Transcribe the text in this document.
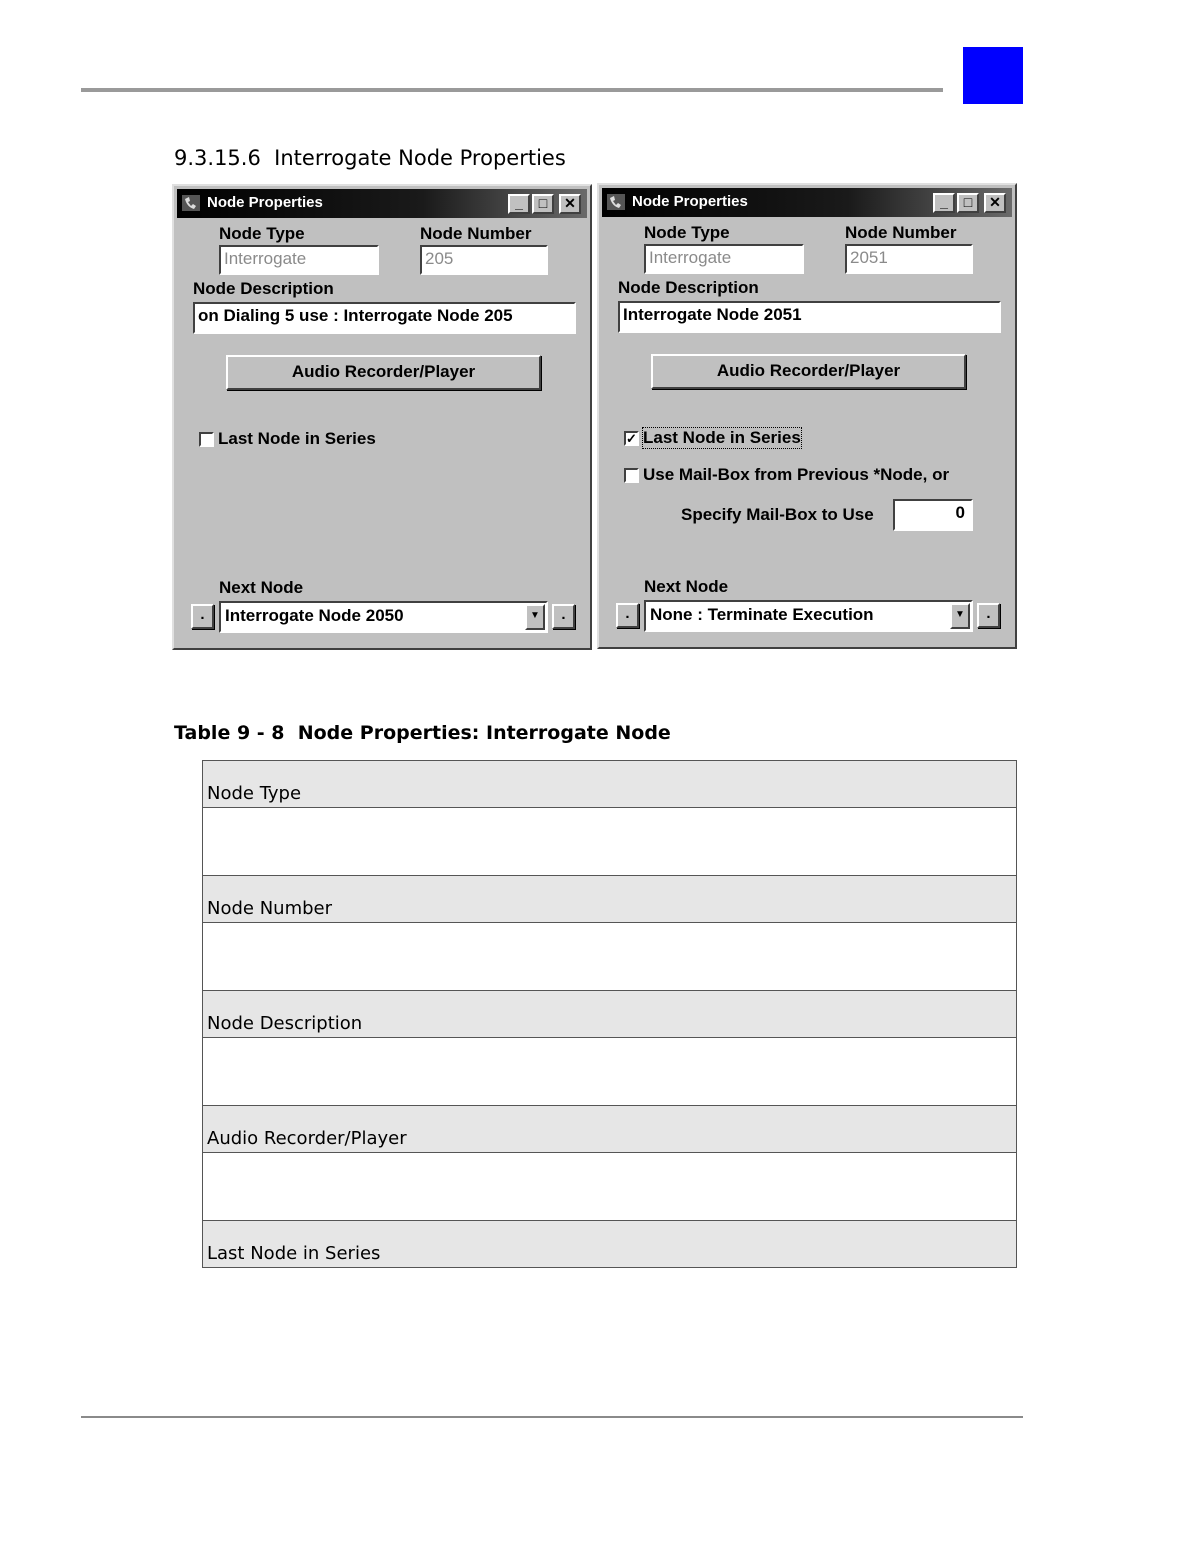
9.3.15.6  Interrogate Node Properties
Node Properties	_	□	✕
Node Type	Node Number
Interrogate	205
Node Description
on Dialing 5 use : Interrogate Node 205
Audio Recorder/Player
Last Node in Series
Next Node
.	Interrogate Node 2050	▼	.
Node Properties	_	□	✕
Node Type	Node Number
Interrogate	2051
Node Description
Interrogate Node 2051
Audio Recorder/Player
✓ Last Node in Series
Use Mail-Box from Previous *Node, or
Specify Mail-Box to Use	0
Next Node
.	None : Terminate Execution	▼	.
Table 9 - 8  Node Properties: Interrogate Node
Node Type

Node Number

Node Description

Audio Recorder/Player

Last Node in Series
